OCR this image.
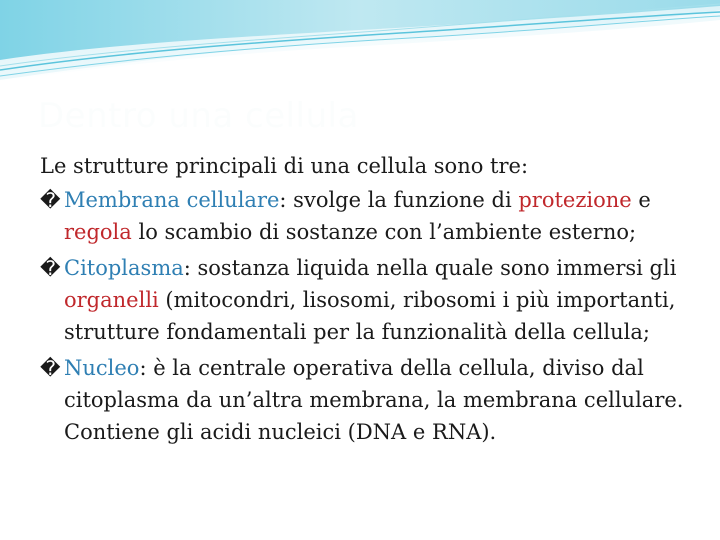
Dentro una cellula

Le strutture principali di una cellula sono tre:

� Membrana cellulare: svolge la funzione di protezione e regola lo scambio di sostanze con l’ambiente esterno;

� Citoplasma: sostanza liquida nella quale sono immersi gli organelli (mitocondri, lisosomi, ribosomi i più importanti, strutture fondamentali per la funzionalità della cellula;

� Nucleo: è la centrale operativa della cellula, diviso dal citoplasma da un’altra membrana, la membrana cellulare. Contiene gli acidi nucleici (DNA e RNA).
